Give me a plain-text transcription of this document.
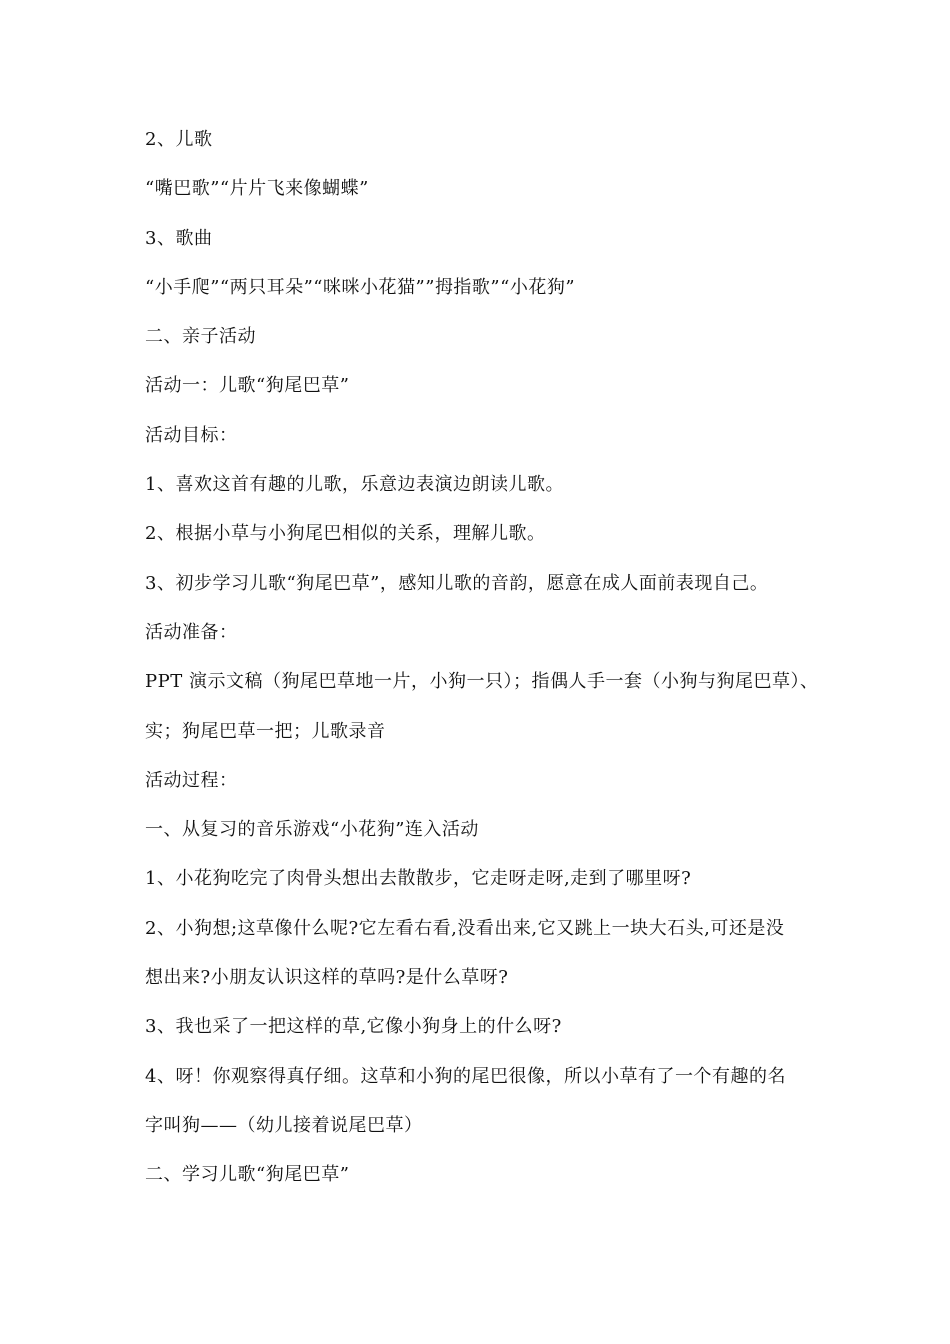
2、儿歌
“嘴巴歌”“片片飞来像蝴蝶”
3、歌曲
“小手爬”“两只耳朵”“咪咪小花猫””拇指歌”“小花狗”
二、亲子活动
活动一：儿歌“狗尾巴草”
活动目标：
1、喜欢这首有趣的儿歌，乐意边表演边朗读儿歌。
2、根据小草与小狗尾巴相似的关系，理解儿歌。
3、初步学习儿歌“狗尾巴草”，感知儿歌的音韵，愿意在成人面前表现自己。
活动准备：
PPT 演示文稿（狗尾巴草地一片，小狗一只）；指偶人手一套（小狗与狗尾巴草）、
实；狗尾巴草一把；儿歌录音
活动过程：
一、从复习的音乐游戏“小花狗”连入活动
1、小花狗吃完了肉骨头想出去散散步，它走呀走呀,走到了哪里呀?
2、小狗想;这草像什么呢?它左看右看,没看出来,它又跳上一块大石头,可还是没
想出来?小朋友认识这样的草吗?是什么草呀?
3、我也采了一把这样的草,它像小狗身上的什么呀?
4、呀！你观察得真仔细。这草和小狗的尾巴很像，所以小草有了一个有趣的名
字叫狗——（幼儿接着说尾巴草）
二、学习儿歌“狗尾巴草”
